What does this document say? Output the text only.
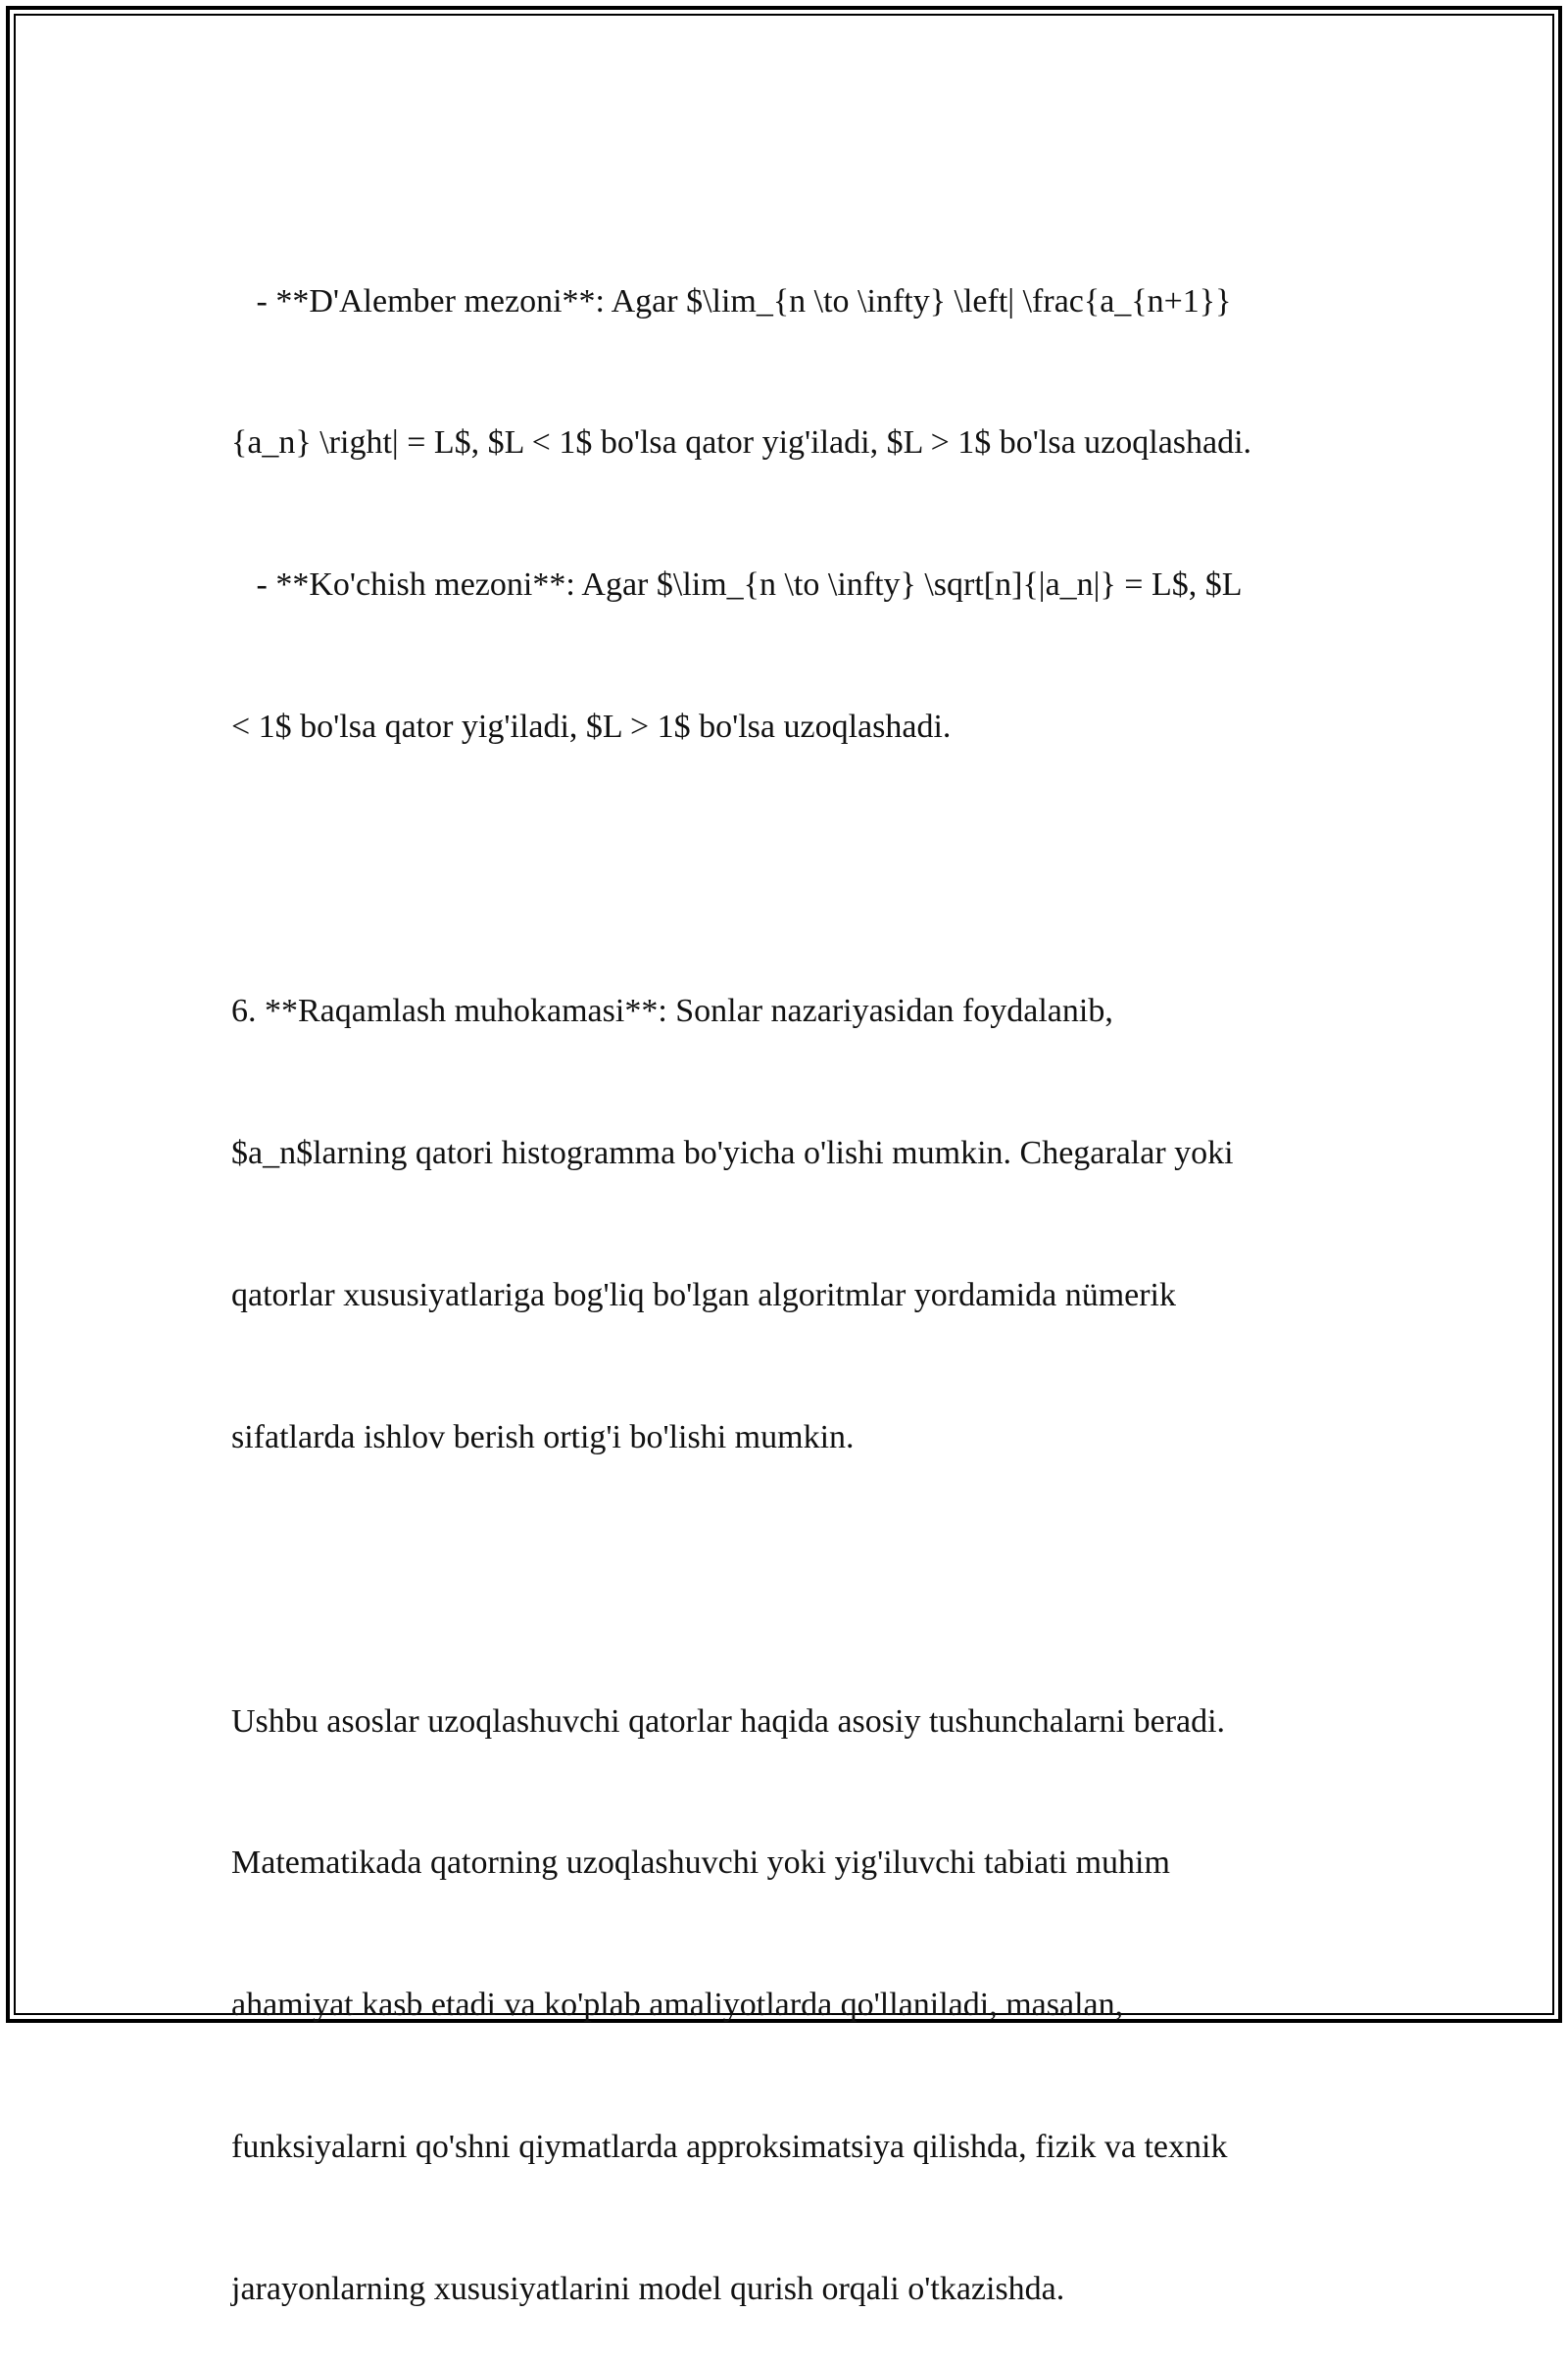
- **D'Alember mezoni**: Agar $\lim_{n \to \infty} \left| \frac{a_{n+1}}

{a_n} \right| = L$, $L < 1$ bo'lsa qator yig'iladi, $L > 1$ bo'lsa uzoqlashadi.

- **Ko'chish mezoni**: Agar $\lim_{n \to \infty} \sqrt[n]{|a_n|} = L$, $L

< 1$ bo'lsa qator yig'iladi, $L > 1$ bo'lsa uzoqlashadi.

6. **Raqamlash muhokamasi**: Sonlar nazariyasidan foydalanib,

$a_n$larning qatori histogramma bo'yicha o'lishi mumkin. Chegaralar yoki

qatorlar xususiyatlariga bog'liq bo'lgan algoritmlar yordamida nümerik

sifatlarda ishlov berish ortig'i bo'lishi mumkin.

Ushbu asoslar uzoqlashuvchi qatorlar haqida asosiy tushunchalarni beradi.

Matematikada qatorning uzoqlashuvchi yoki yig'iluvchi tabiati muhim

ahamiyat kasb etadi va ko'plab amaliyotlarda qo'llaniladi, masalan,

funksiyalarni qo'shni qiymatlarda approksimatsiya qilishda, fizik va texnik

jarayonlarning xususiyatlarini model qurish orqali o'tkazishda.
